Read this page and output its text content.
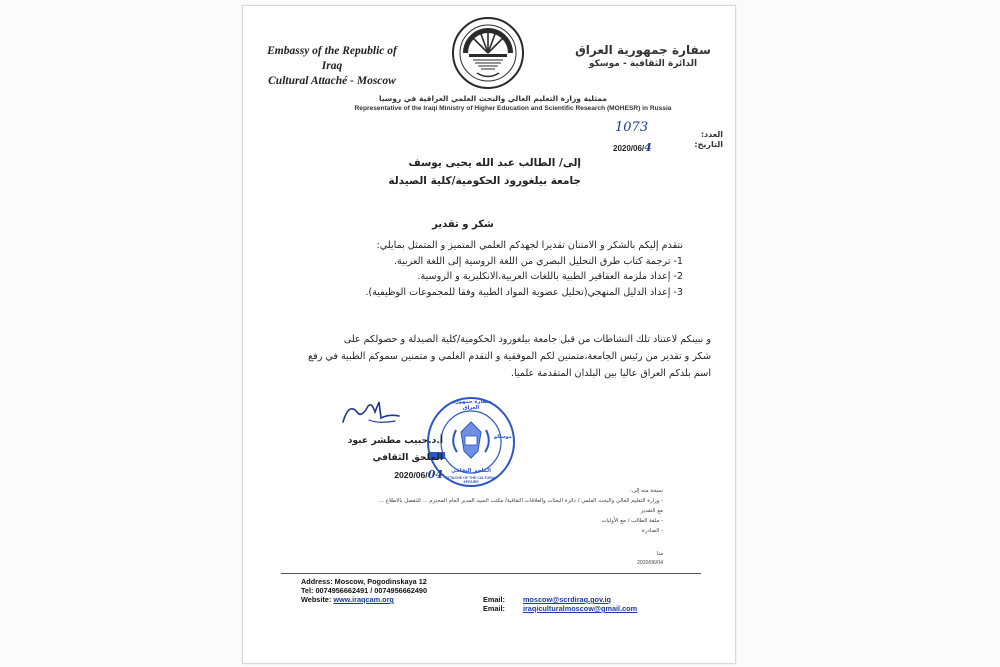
Embassy of the Republic of Iraq
Cultural Attaché - Moscow
سفارة جمهورية العراق
الدائرة الثقافية - موسكو
ممثلية وزارة التعليم العالي والبحث العلمي العراقية في روسيا
Representative of the Iraqi Ministry of Higher Education and Scientific Research (MOHESR) in Russia
1073	العدد:
التاريخ:
2020/06/4
إلى/ الطالب عبد الله يحيى يوسف
جامعة بيلغورود الحكومية/كلية الصيدلة
شكر و تقدير
نتقدم إليكم بالشكر و الامتنان تقديرا لجهدكم العلمي المتميز و المتمثل بمايلي:
1- ترجمة كتاب طرق التحليل البصري من اللغة الروسية إلى اللغة العربية.
2- إعداد ملزمة العقاقير الطبية باللغات العربية،الانكليزية و الروسية.
3- إعداد الدليل المنهجي(تحليل عضوية المواد الطبية وفقا للمجموعات الوظيفية).
و نبينكم لاعتناد تلك النشاطات من قبل جامعة بيلغورود الحكومية/كلية الصيدلة و حصولكم على
شكر و تقدير من رئيس الجامعة،متمنين لكم الموفقية و التقدم العلمي و متمنين سموكم الطبية في رفع
اسم بلدكم العراق عاليا بين البلدان المتقدمة علميا.
سفارة جمهورية العراق
موسكو
الملحق الثقافي
ATTACHE OF THE CULTURAL AFFAIRS
أ.د.حبيب مطشر عبود
الملحق الثقافي
2020/06/04
نسخة منه إلى:
- وزارة التعليم العالي والبحث العلمي / دائرة البعثات والعلاقات الثقافية/ مكتب السيد المدير العام المحترم ... للتفضل بالاطلاع ... مع التقدير
- ملفة الطالب / مع الأوليات
- الصادرة
منا
2020/06/04
Address: Moscow, Pogodinskaya 12
Tel: 0074956662491 / 0074956662490
Website: www.iraqcam.org	Email: moscow@scrdiraq.gov.iq
Email: iraqiculturalmoscow@gmail.com
